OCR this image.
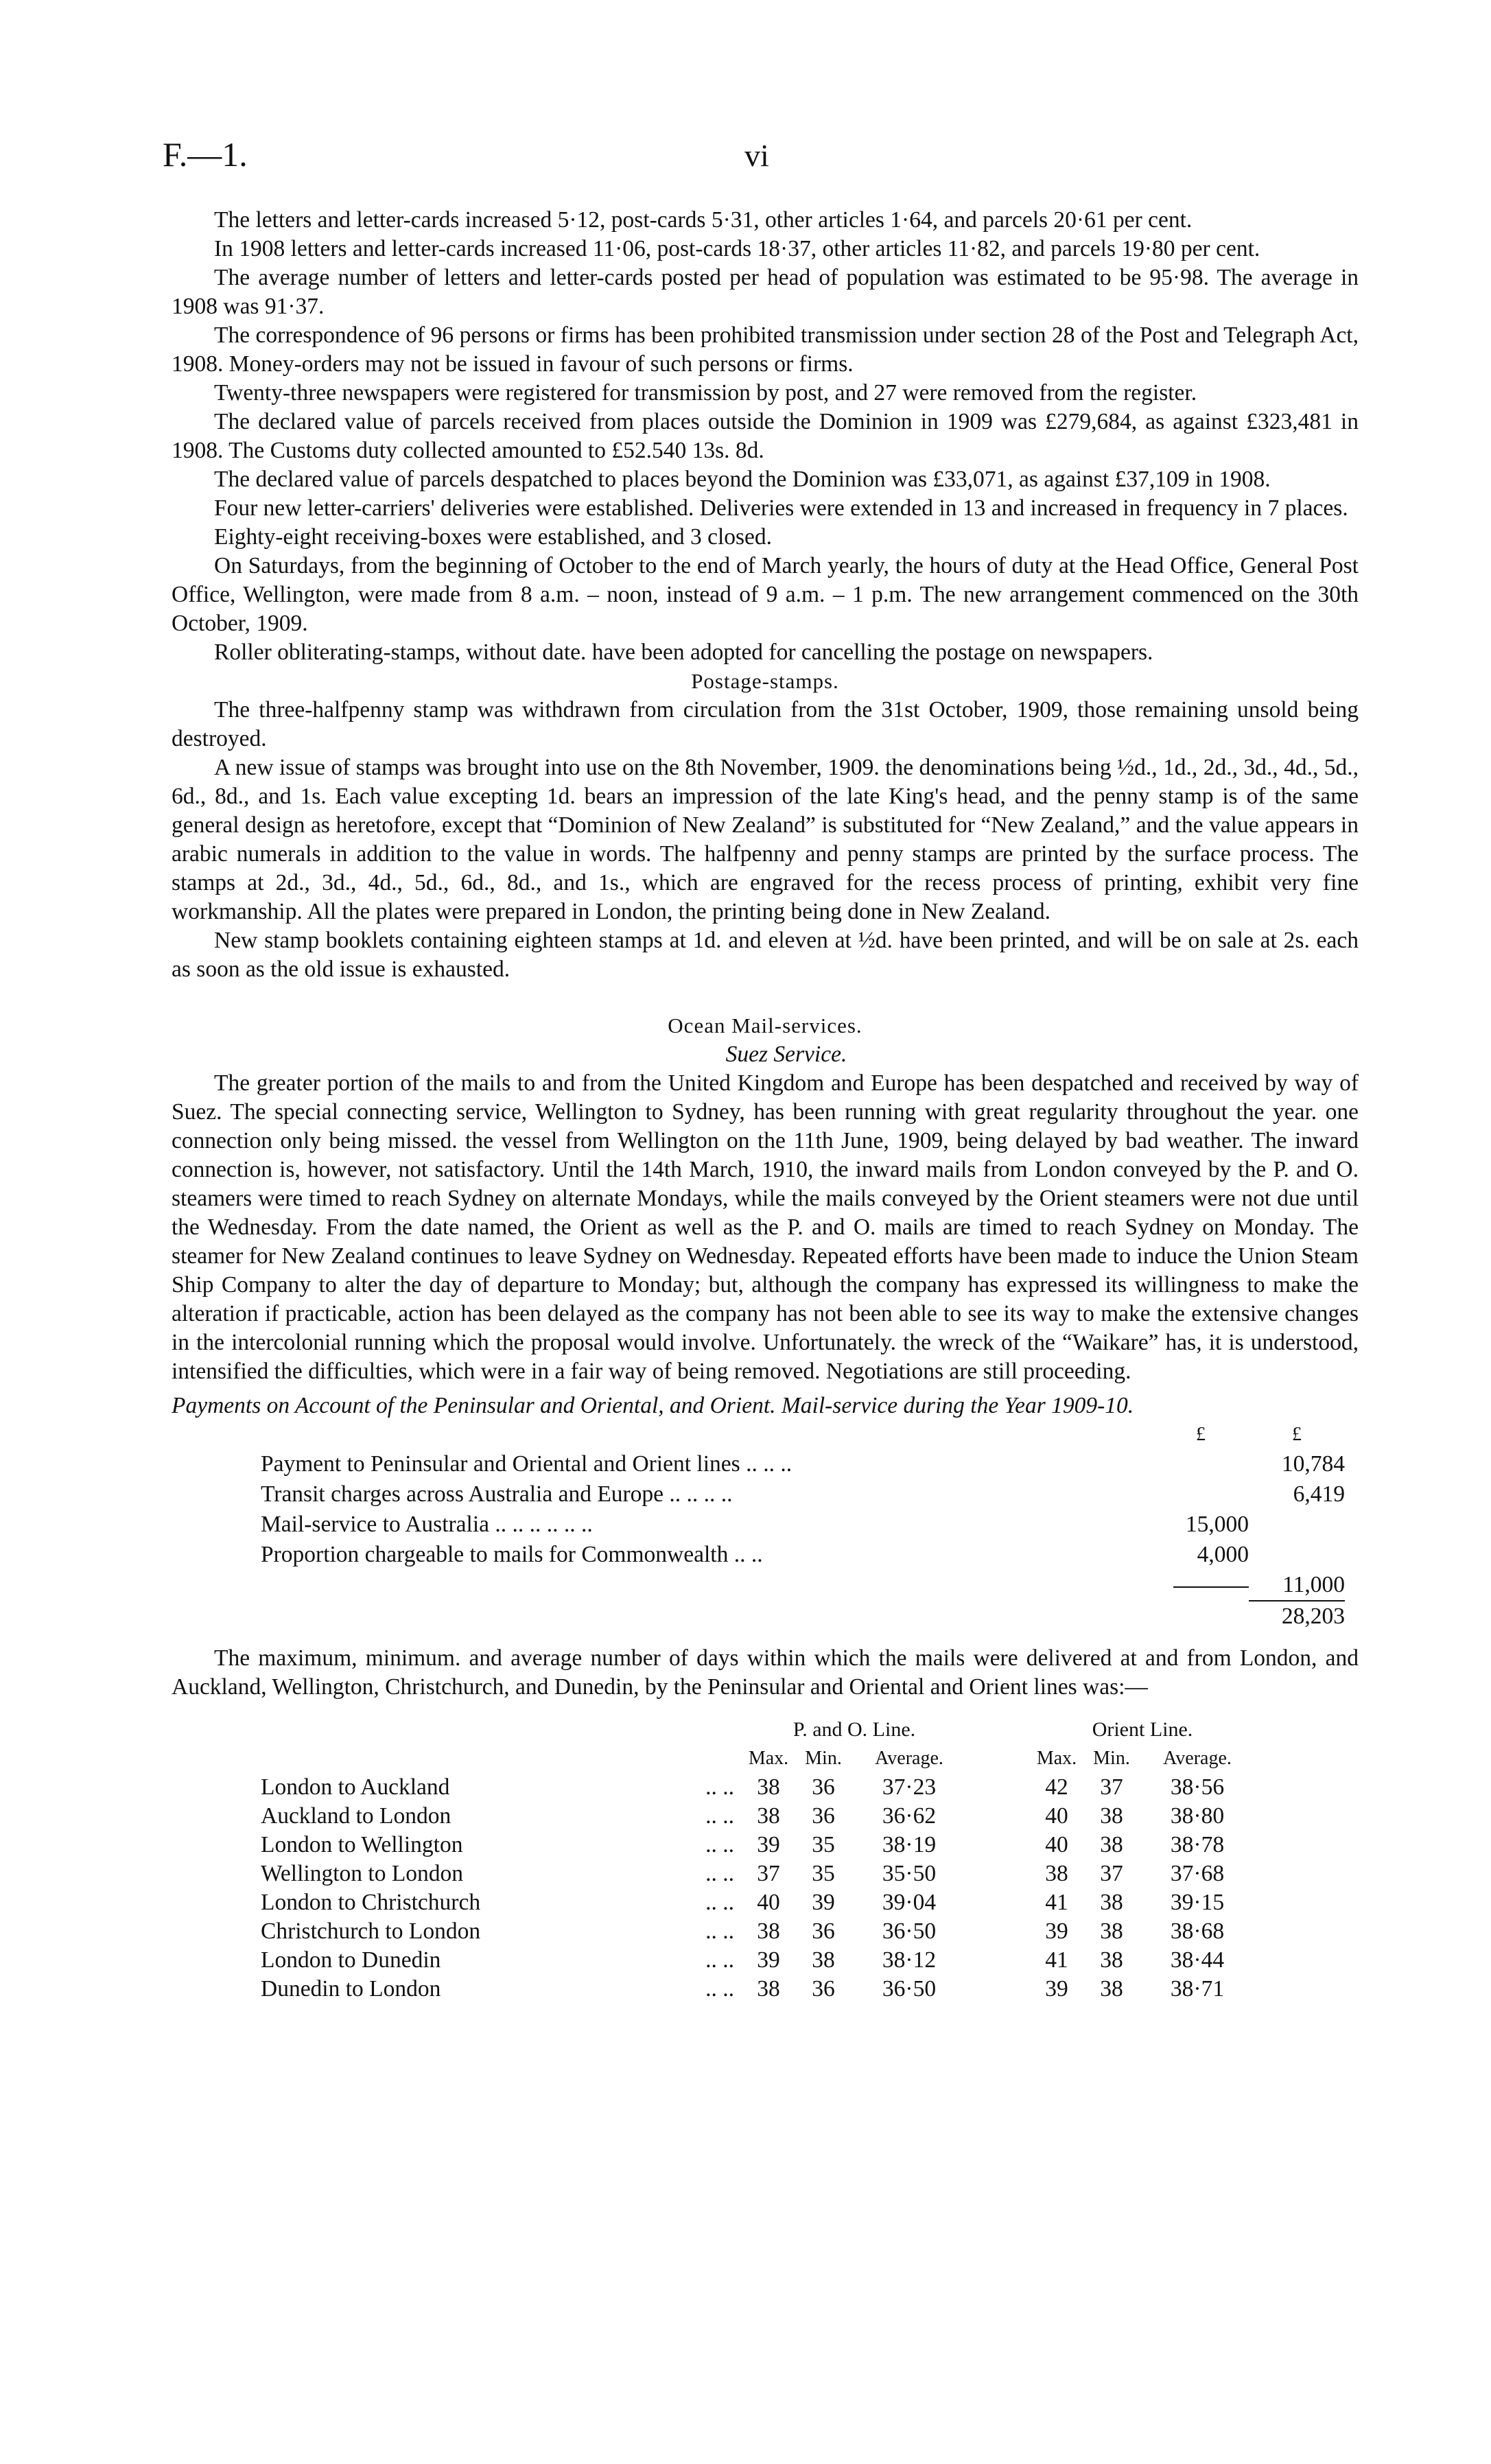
F.—1.	vi

The letters and letter-cards increased 5·12, post-cards 5·31, other articles 1·64, and parcels 20·61 per cent.

In 1908 letters and letter-cards increased 11·06, post-cards 18·37, other articles 11·82, and parcels 19·80 per cent.

The average number of letters and letter-cards posted per head of population was estimated to be 95·98. The average in 1908 was 91·37.

The correspondence of 96 persons or firms has been prohibited transmission under section 28 of the Post and Telegraph Act, 1908. Money-orders may not be issued in favour of such persons or firms.

Twenty-three newspapers were registered for transmission by post, and 27 were removed from the register.

The declared value of parcels received from places outside the Dominion in 1909 was £279,684, as against £323,481 in 1908. The Customs duty collected amounted to £52.540 13s. 8d.

The declared value of parcels despatched to places beyond the Dominion was £33,071, as against £37,109 in 1908.

Four new letter-carriers' deliveries were established. Deliveries were extended in 13 and increased in frequency in 7 places.

Eighty-eight receiving-boxes were established, and 3 closed.

On Saturdays, from the beginning of October to the end of March yearly, the hours of duty at the Head Office, General Post Office, Wellington, were made from 8 a.m. – noon, instead of 9 a.m. – 1 p.m. The new arrangement commenced on the 30th October, 1909.

Roller obliterating-stamps, without date. have been adopted for cancelling the postage on newspapers.

Postage-stamps.

The three-halfpenny stamp was withdrawn from circulation from the 31st October, 1909, those remaining unsold being destroyed.

A new issue of stamps was brought into use on the 8th November, 1909. the denominations being ½d., 1d., 2d., 3d., 4d., 5d., 6d., 8d., and 1s. Each value excepting 1d. bears an impression of the late King's head, and the penny stamp is of the same general design as heretofore, except that “Dominion of New Zealand” is substituted for “New Zealand,” and the value appears in arabic numerals in addition to the value in words. The halfpenny and penny stamps are printed by the surface process. The stamps at 2d., 3d., 4d., 5d., 6d., 8d., and 1s., which are engraved for the recess process of printing, exhibit very fine workmanship. All the plates were prepared in London, the printing being done in New Zealand.

New stamp booklets containing eighteen stamps at 1d. and eleven at ½d. have been printed, and will be on sale at 2s. each as soon as the old issue is exhausted.

Ocean Mail-services.

Suez Service.

The greater portion of the mails to and from the United Kingdom and Europe has been despatched and received by way of Suez. The special connecting service, Wellington to Sydney, has been running with great regularity throughout the year. one connection only being missed. the vessel from Wellington on the 11th June, 1909, being delayed by bad weather. The inward connection is, however, not satisfactory. Until the 14th March, 1910, the inward mails from London conveyed by the P. and O. steamers were timed to reach Sydney on alternate Mondays, while the mails conveyed by the Orient steamers were not due until the Wednesday. From the date named, the Orient as well as the P. and O. mails are timed to reach Sydney on Monday. The steamer for New Zealand continues to leave Sydney on Wednesday. Repeated efforts have been made to induce the Union Steam Ship Company to alter the day of departure to Monday; but, although the company has expressed its willingness to make the alteration if practicable, action has been delayed as the company has not been able to see its way to make the extensive changes in the intercolonial running which the proposal would involve. Unfortunately. the wreck of the “Waikare” has, it is understood, intensified the difficulties, which were in a fair way of being removed. Negotiations are still proceeding.

Payments on Account of the Peninsular and Oriental, and Orient. Mail-service during the Year 1909-10.

	£	£
Payment to Peninsular and Oriental and Orient lines .. .. ..		10,784
Transit charges across Australia and Europe .. .. .. ..		6,419
Mail-service to Australia .. .. .. .. .. ..	15,000	
Proportion chargeable to mails for Commonwealth .. ..	4,000	
		11,000
		28,203

The maximum, minimum. and average number of days within which the mails were delivered at and from London, and Auckland, Wellington, Christchurch, and Dunedin, by the Peninsular and Oriental and Orient lines was:—

	P. and O. Line.				Orient Line.		
	Max.	Min.	Average.		Max.	Min.	Average.
London to Auckland .. ..	38	36	37·23		42	37	38·56
Auckland to London .. ..	38	36	36·62		40	38	38·80
London to Wellington .. ..	39	35	38·19		40	38	38·78
Wellington to London .. ..	37	35	35·50		38	37	37·68
London to Christchurch .. ..	40	39	39·04		41	38	39·15
Christchurch to London .. ..	38	36	36·50		39	38	38·68
London to Dunedin .. ..	39	38	38·12		41	38	38·44
Dunedin to London .. ..	38	36	36·50		39	38	38·71
